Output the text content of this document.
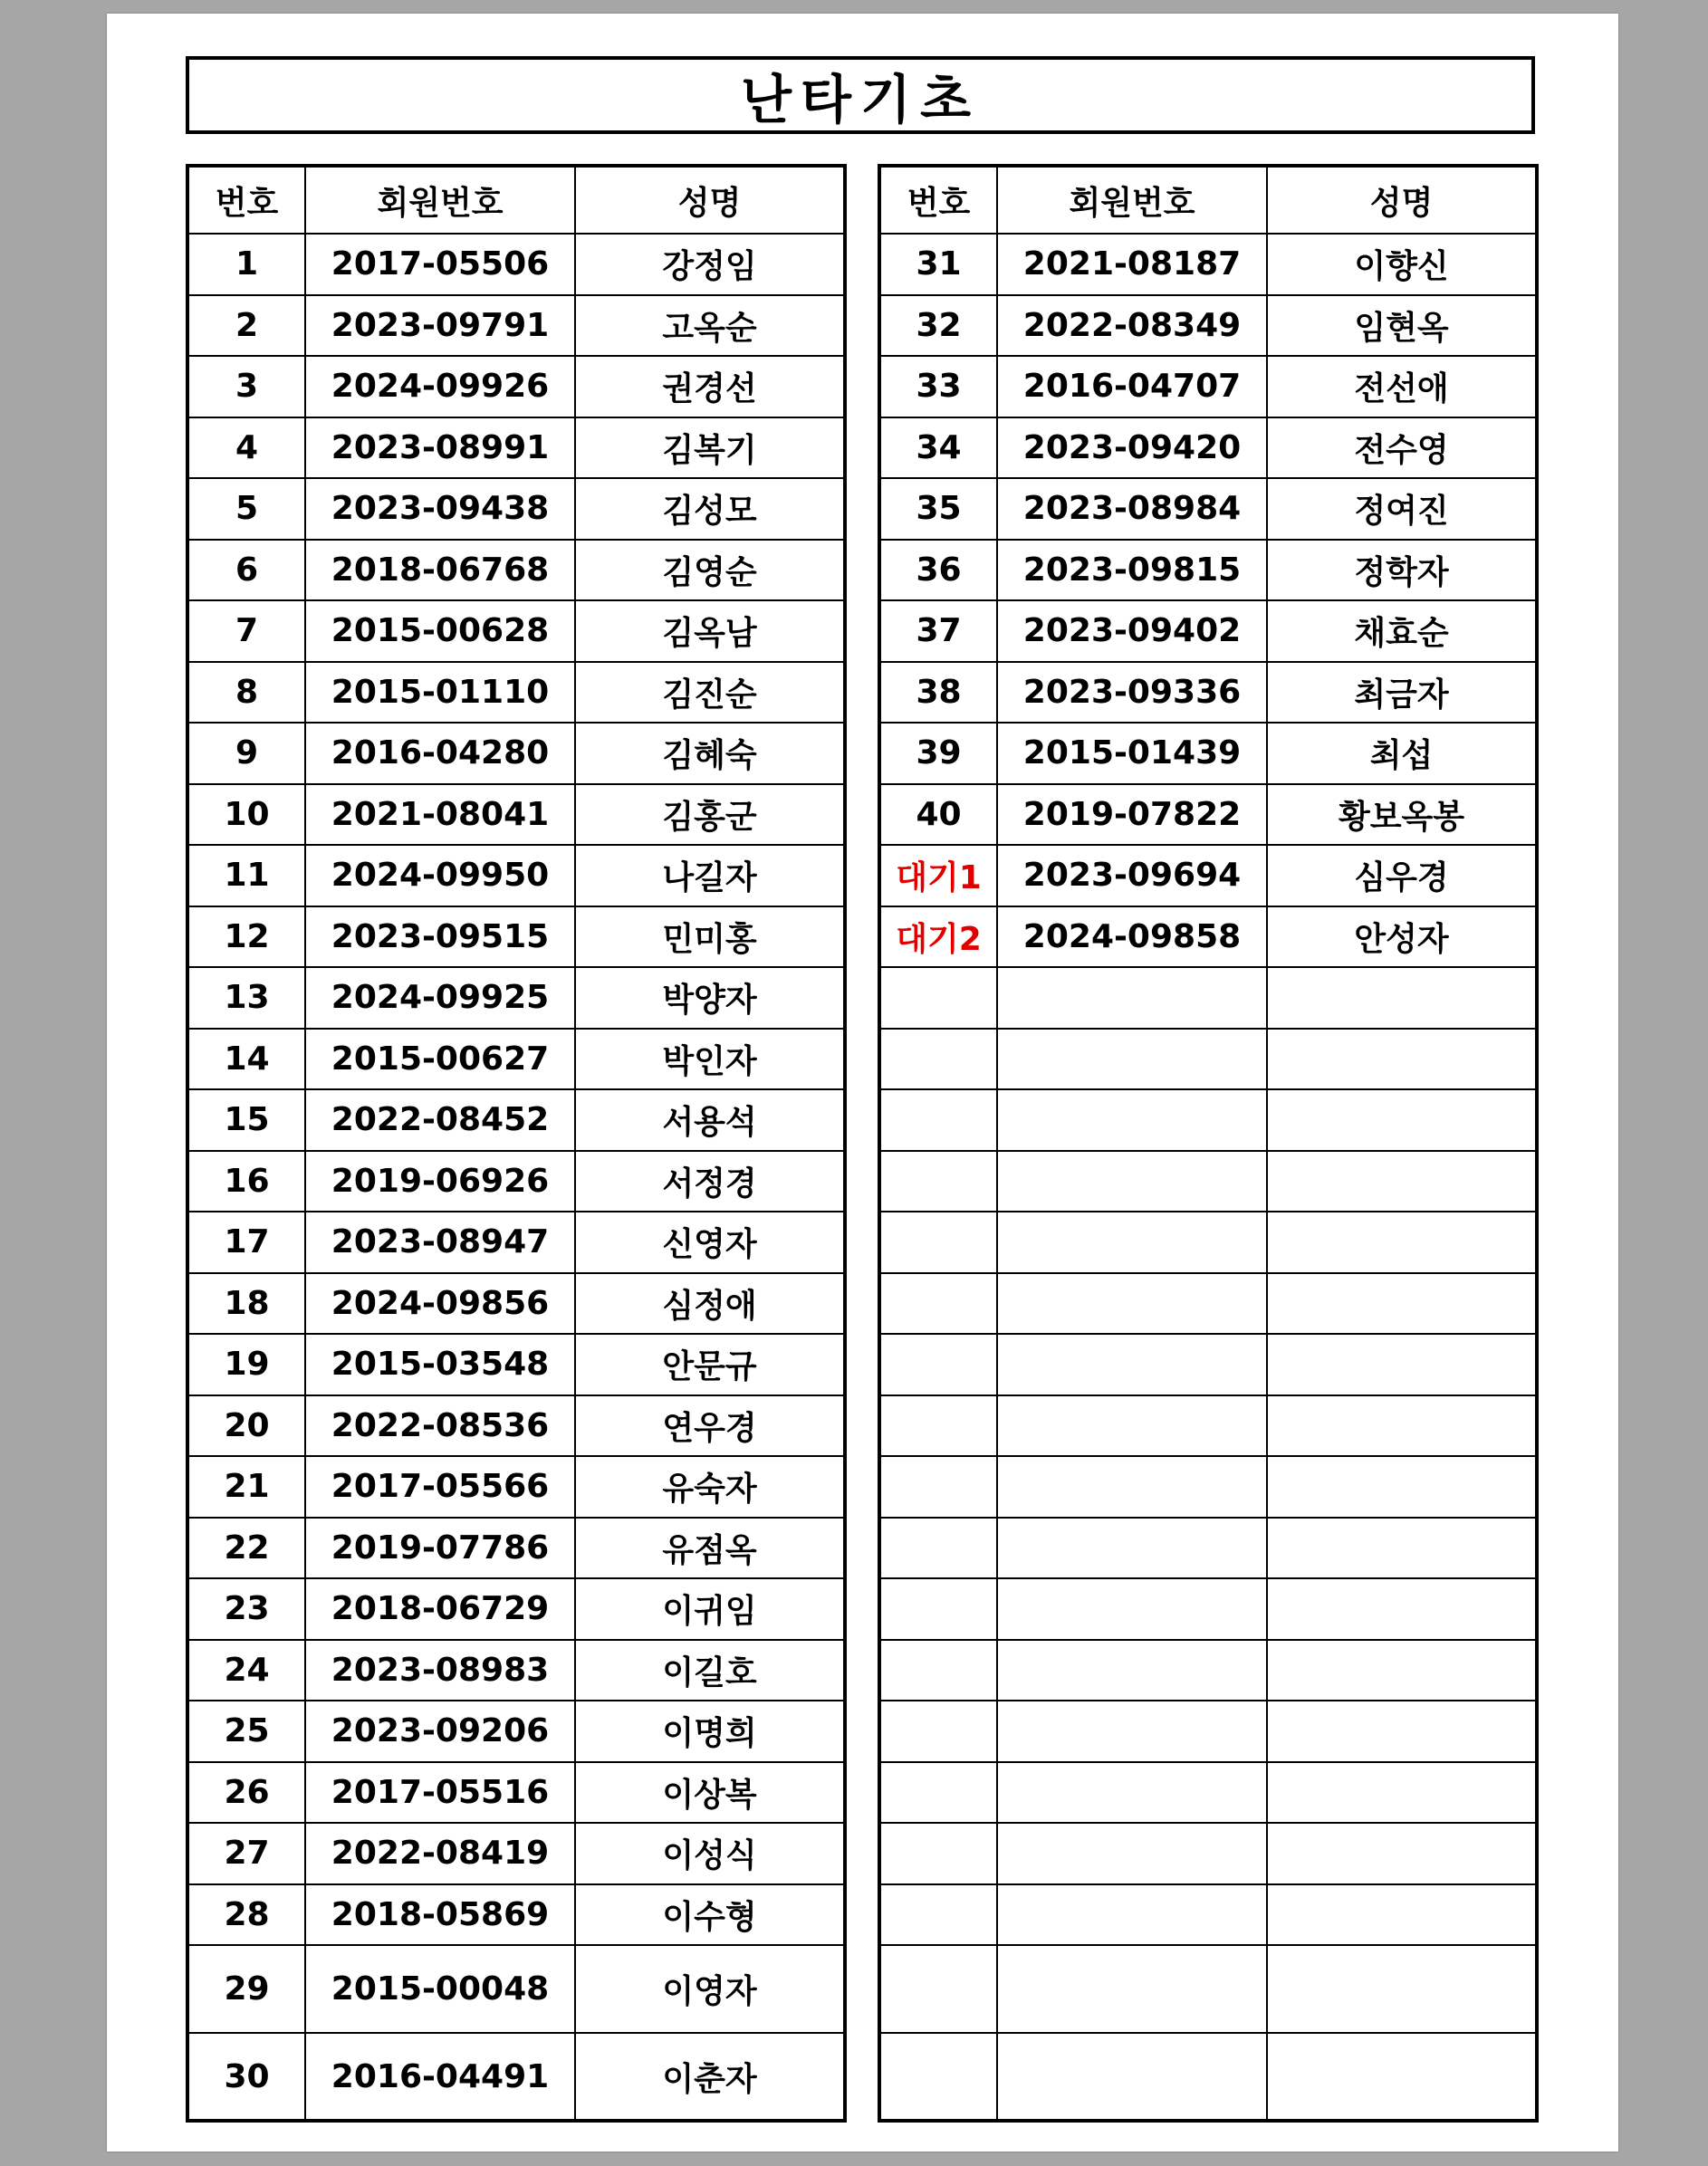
난타기초
번호	회원번호	성명
1	2017-05506	강정임
2	2023-09791	고옥순
3	2024-09926	권경선
4	2023-08991	김복기
5	2023-09438	김성모
6	2018-06768	김영순
7	2015-00628	김옥남
8	2015-01110	김진순
9	2016-04280	김혜숙
10	2021-08041	김홍군
11	2024-09950	나길자
12	2023-09515	민미홍
13	2024-09925	박양자
14	2015-00627	박인자
15	2022-08452	서용석
16	2019-06926	서정경
17	2023-08947	신영자
18	2024-09856	심정애
19	2015-03548	안문규
20	2022-08536	연우경
21	2017-05566	유숙자
22	2019-07786	유점옥
23	2018-06729	이귀임
24	2023-08983	이길호
25	2023-09206	이명희
26	2017-05516	이상복
27	2022-08419	이성식
28	2018-05869	이수형
29	2015-00048	이영자
30	2016-04491	이춘자
번호	회원번호	성명
31	2021-08187	이향신
32	2022-08349	임현옥
33	2016-04707	전선애
34	2023-09420	전수영
35	2023-08984	정여진
36	2023-09815	정학자
37	2023-09402	채효순
38	2023-09336	최금자
39	2015-01439	최섭
40	2019-07822	황보옥봉
대기1	2023-09694	심우경
대기2	2024-09858	안성자
